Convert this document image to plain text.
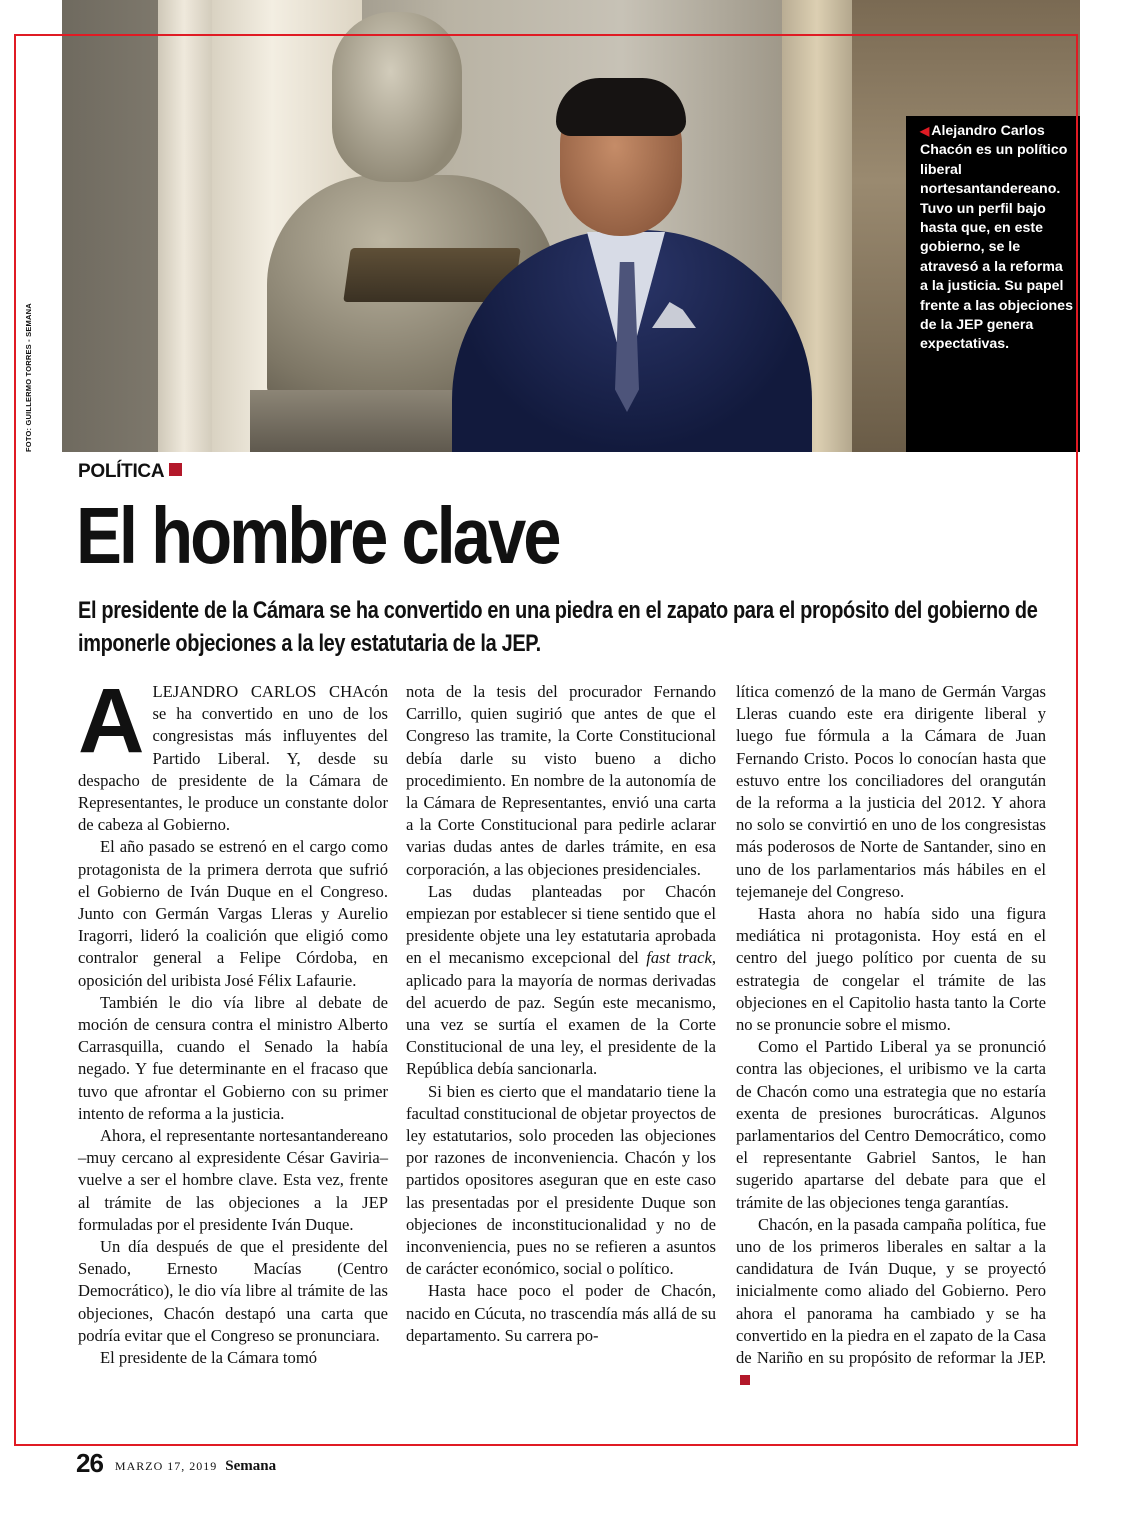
FOTO: GUILLERMO TORRES - SEMANA
◀ Alejandro Carlos Chacón es un político liberal nortesantandereano. Tuvo un perfil bajo hasta que, en este gobierno, se le atravesó a la reforma a la justicia. Su papel frente a las objeciones de la JEP genera expectativas.
POLÍTICA
El hombre clave
El presidente de la Cámara se ha convertido en una piedra en el zapato para el propósito del gobierno de imponerle objeciones a la ley estatutaria de la JEP.

ALEJANDRO CARLOS CHAcón se ha convertido en uno de los congresistas más influyentes del Partido Liberal. Y, desde su despacho de presidente de la Cámara de Representantes, le produce un constante dolor de cabeza al Gobierno.

El año pasado se estrenó en el cargo como protagonista de la primera derrota que sufrió el Gobierno de Iván Duque en el Congreso. Junto con Germán Vargas Lleras y Aurelio Iragorri, lideró la coalición que eligió como contralor general a Felipe Córdoba, en oposición del uribista José Félix Lafaurie.

También le dio vía libre al debate de moción de censura contra el ministro Alberto Carrasquilla, cuando el Senado la había negado. Y fue determinante en el fracaso que tuvo que afrontar el Gobierno con su primer intento de reforma a la justicia.

Ahora, el representante nortesantandereano –muy cercano al expresidente César Gaviria– vuelve a ser el hombre clave. Esta vez, frente al trámite de las objeciones a la JEP formuladas por el presidente Iván Duque.

Un día después de que el presidente del Senado, Ernesto Macías (Centro Democrático), le dio vía libre al trámite de las objeciones, Chacón destapó una carta que podría evitar que el Congreso se pronunciara.

El presidente de la Cámara tomó

nota de la tesis del procurador Fernando Carrillo, quien sugirió que antes de que el Congreso las tramite, la Corte Constitucional debía darle su visto bueno a dicho procedimiento. En nombre de la autonomía de la Cámara de Representantes, envió una carta a la Corte Constitucional para pedirle aclarar varias dudas antes de darles trámite, en esa corporación, a las objeciones presidenciales.

Las dudas planteadas por Chacón empiezan por establecer si tiene sentido que el presidente objete una ley estatutaria aprobada en el mecanismo excepcional del fast track, aplicado para la mayoría de normas derivadas del acuerdo de paz. Según este mecanismo, una vez se surtía el examen de la Corte Constitucional de una ley, el presidente de la República debía sancionarla.

Si bien es cierto que el mandatario tiene la facultad constitucional de objetar proyectos de ley estatutarios, solo proceden las objeciones por razones de inconveniencia. Chacón y los partidos opositores aseguran que en este caso las presentadas por el presidente Duque son objeciones de inconstitucionalidad y no de inconveniencia, pues no se refieren a asuntos de carácter económico, social o político.

Hasta hace poco el poder de Chacón, nacido en Cúcuta, no trascendía más allá de su departamento. Su carrera po-

lítica comenzó de la mano de Germán Vargas Lleras cuando este era dirigente liberal y luego fue fórmula a la Cámara de Juan Fernando Cristo. Pocos lo conocían hasta que estuvo entre los conciliadores del orangután de la reforma a la justicia del 2012. Y ahora no solo se convirtió en uno de los congresistas más poderosos de Norte de Santander, sino en uno de los parlamentarios más hábiles en el tejemaneje del Congreso.

Hasta ahora no había sido una figura mediática ni protagonista. Hoy está en el centro del juego político por cuenta de su estrategia de congelar el trámite de las objeciones en el Capitolio hasta tanto la Corte no se pronuncie sobre el mismo.

Como el Partido Liberal ya se pronunció contra las objeciones, el uribismo ve la carta de Chacón como una estrategia que no estaría exenta de presiones burocráticas. Algunos parlamentarios del Centro Democrático, como el representante Gabriel Santos, le han sugerido apartarse del debate para que el trámite de las objeciones tenga garantías.

Chacón, en la pasada campaña política, fue uno de los primeros liberales en saltar a la candidatura de Iván Duque, y se proyectó inicialmente como aliado del Gobierno. Pero ahora el panorama ha cambiado y se ha convertido en la piedra en el zapato de la Casa de Nariño en su propósito de reformar la JEP.

26 MARZO 17, 2019 Semana
